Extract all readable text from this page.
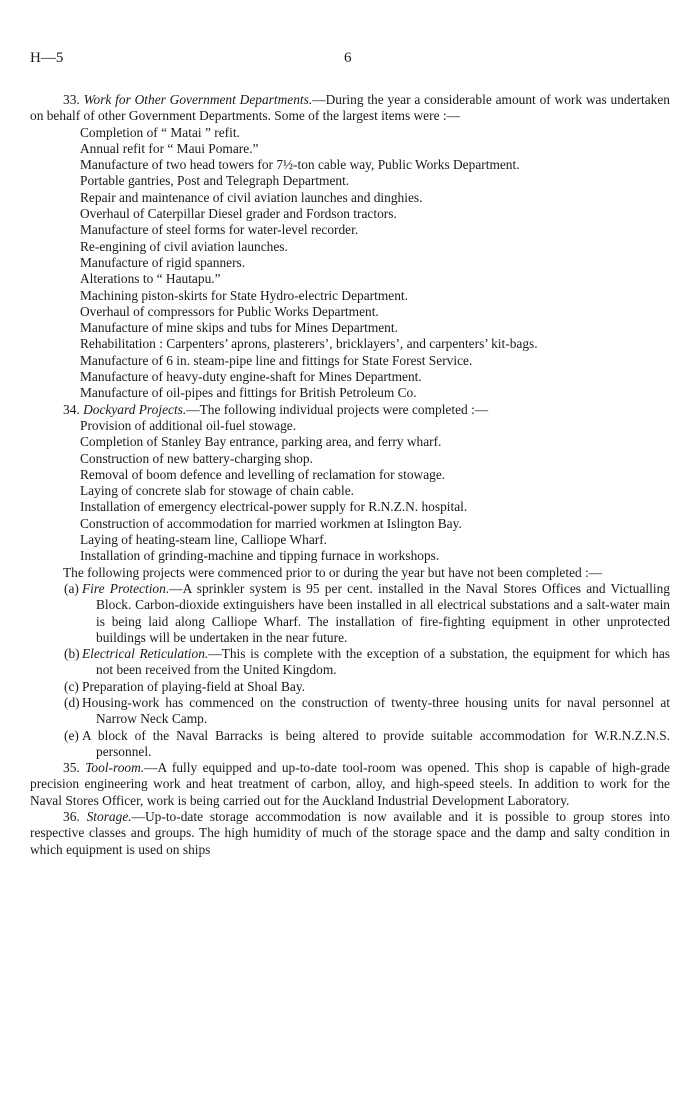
H—5	6

33. Work for Other Government Departments.—During the year a considerable amount of work was undertaken on behalf of other Government Departments. Some of the largest items were :—

Completion of “ Matai ” refit.
Annual refit for “ Maui Pomare.”
Manufacture of two head towers for 7½-ton cable way, Public Works Department.
Portable gantries, Post and Telegraph Department.
Repair and maintenance of civil aviation launches and dinghies.
Overhaul of Caterpillar Diesel grader and Fordson tractors.
Manufacture of steel forms for water-level recorder.
Re-engining of civil aviation launches.
Manufacture of rigid spanners.
Alterations to “ Hautapu.”
Machining piston-skirts for State Hydro-electric Department.
Overhaul of compressors for Public Works Department.
Manufacture of mine skips and tubs for Mines Department.
Rehabilitation : Carpenters’ aprons, plasterers’, bricklayers’, and carpenters’ kit-bags.
Manufacture of 6 in. steam-pipe line and fittings for State Forest Service.
Manufacture of heavy-duty engine-shaft for Mines Department.
Manufacture of oil-pipes and fittings for British Petroleum Co.

34. Dockyard Projects.—The following individual projects were completed :—

Provision of additional oil-fuel stowage.
Completion of Stanley Bay entrance, parking area, and ferry wharf.
Construction of new battery-charging shop.
Removal of boom defence and levelling of reclamation for stowage.
Laying of concrete slab for stowage of chain cable.
Installation of emergency electrical-power supply for R.N.Z.N. hospital.
Construction of accommodation for married workmen at Islington Bay.
Laying of heating-steam line, Calliope Wharf.
Installation of grinding-machine and tipping furnace in workshops.

The following projects were commenced prior to or during the year but have not been completed :—

(a) Fire Protection.—A sprinkler system is 95 per cent. installed in the Naval Stores Offices and Victualling Block. Carbon-dioxide extinguishers have been installed in all electrical substations and a salt-water main is being laid along Calliope Wharf. The installation of fire-fighting equipment in other unprotected buildings will be undertaken in the near future.
(b) Electrical Reticulation.—This is complete with the exception of a substation, the equipment for which has not been received from the United Kingdom.
(c) Preparation of playing-field at Shoal Bay.
(d) Housing-work has commenced on the construction of twenty-three housing units for naval personnel at Narrow Neck Camp.
(e) A block of the Naval Barracks is being altered to provide suitable accommodation for W.R.N.Z.N.S. personnel.

35. Tool-room.—A fully equipped and up-to-date tool-room was opened. This shop is capable of high-grade precision engineering work and heat treatment of carbon, alloy, and high-speed steels. In addition to work for the Naval Stores Officer, work is being carried out for the Auckland Industrial Development Laboratory.

36. Storage.—Up-to-date storage accommodation is now available and it is possible to group stores into respective classes and groups. The high humidity of much of the storage space and the damp and salty condition in which equipment is used on ships
